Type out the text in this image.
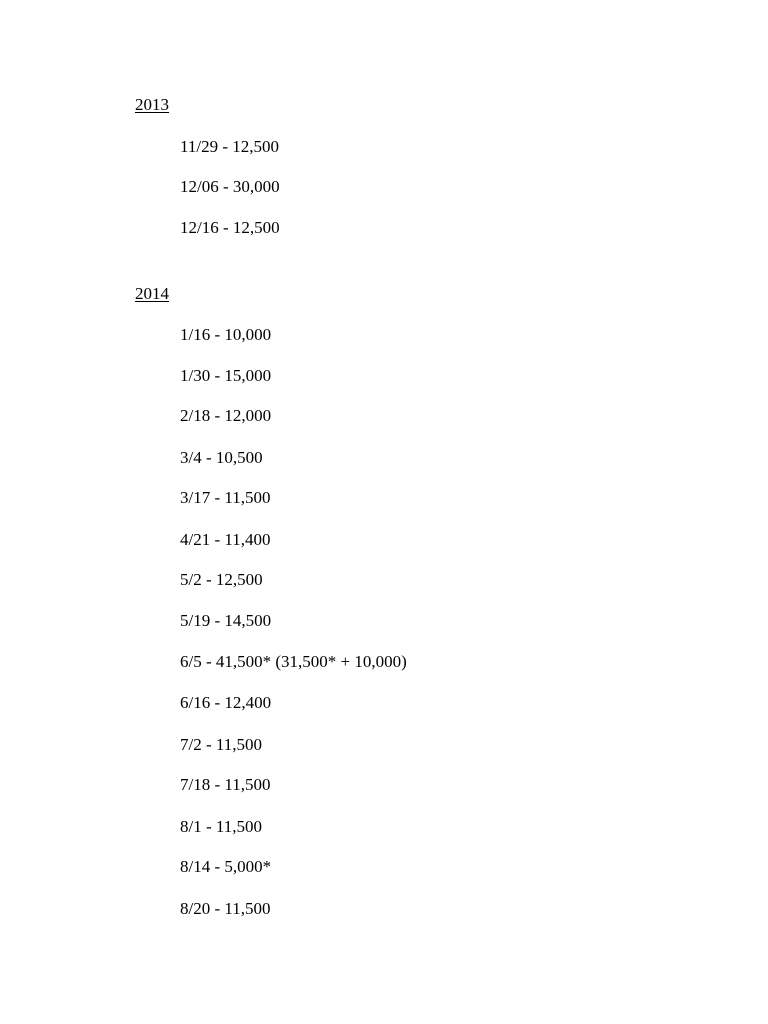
2013
11/29 - 12,500
12/06 - 30,000
12/16 - 12,500
2014
1/16 - 10,000
1/30 - 15,000
2/18 - 12,000
3/4 - 10,500
3/17 - 11,500
4/21 - 11,400
5/2 - 12,500
5/19 - 14,500
6/5 - 41,500* (31,500* + 10,000)
6/16 - 12,400
7/2 - 11,500
7/18 - 11,500
8/1 - 11,500
8/14 - 5,000*
8/20 - 11,500
